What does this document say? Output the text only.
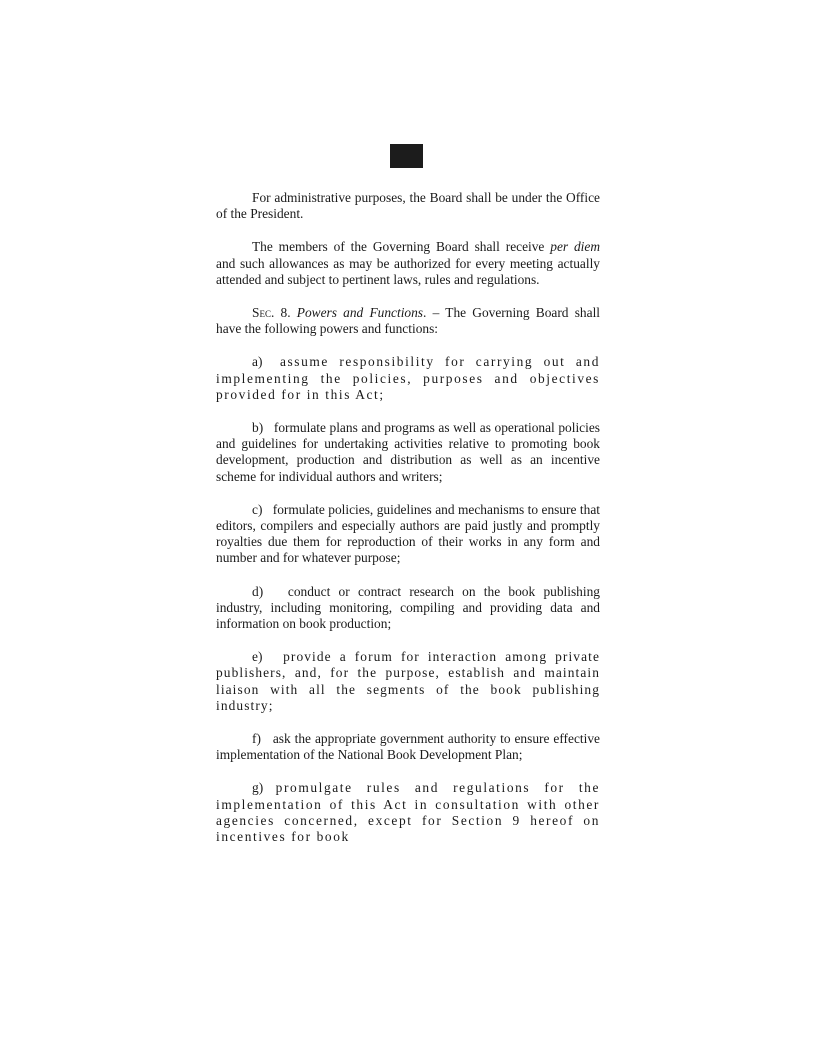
For administrative purposes, the Board shall be under the Office of the President.

The members of the Governing Board shall receive per diem and such allowances as may be authorized for every meeting actually attended and subject to pertinent laws, rules and regulations.

Sec. 8. Powers and Functions. – The Governing Board shall have the following powers and functions:

a) assume responsibility for carrying out and implementing the policies, purposes and objectives provided for in this Act;

b) formulate plans and programs as well as operational policies and guidelines for undertaking activities relative to promoting book development, production and distribution as well as an incentive scheme for individual authors and writers;

c) formulate policies, guidelines and mechanisms to ensure that editors, compilers and especially authors are paid justly and promptly royalties due them for reproduction of their works in any form and number and for whatever purpose;

d) conduct or contract research on the book publishing industry, including monitoring, compiling and providing data and information on book production;

e) provide a forum for interaction among private publishers, and, for the purpose, establish and maintain liaison with all the segments of the book publishing industry;

f) ask the appropriate government authority to ensure effective implementation of the National Book Development Plan;

g) promulgate rules and regulations for the implementation of this Act in consultation with other agencies concerned, except for Section 9 hereof on incentives for book
